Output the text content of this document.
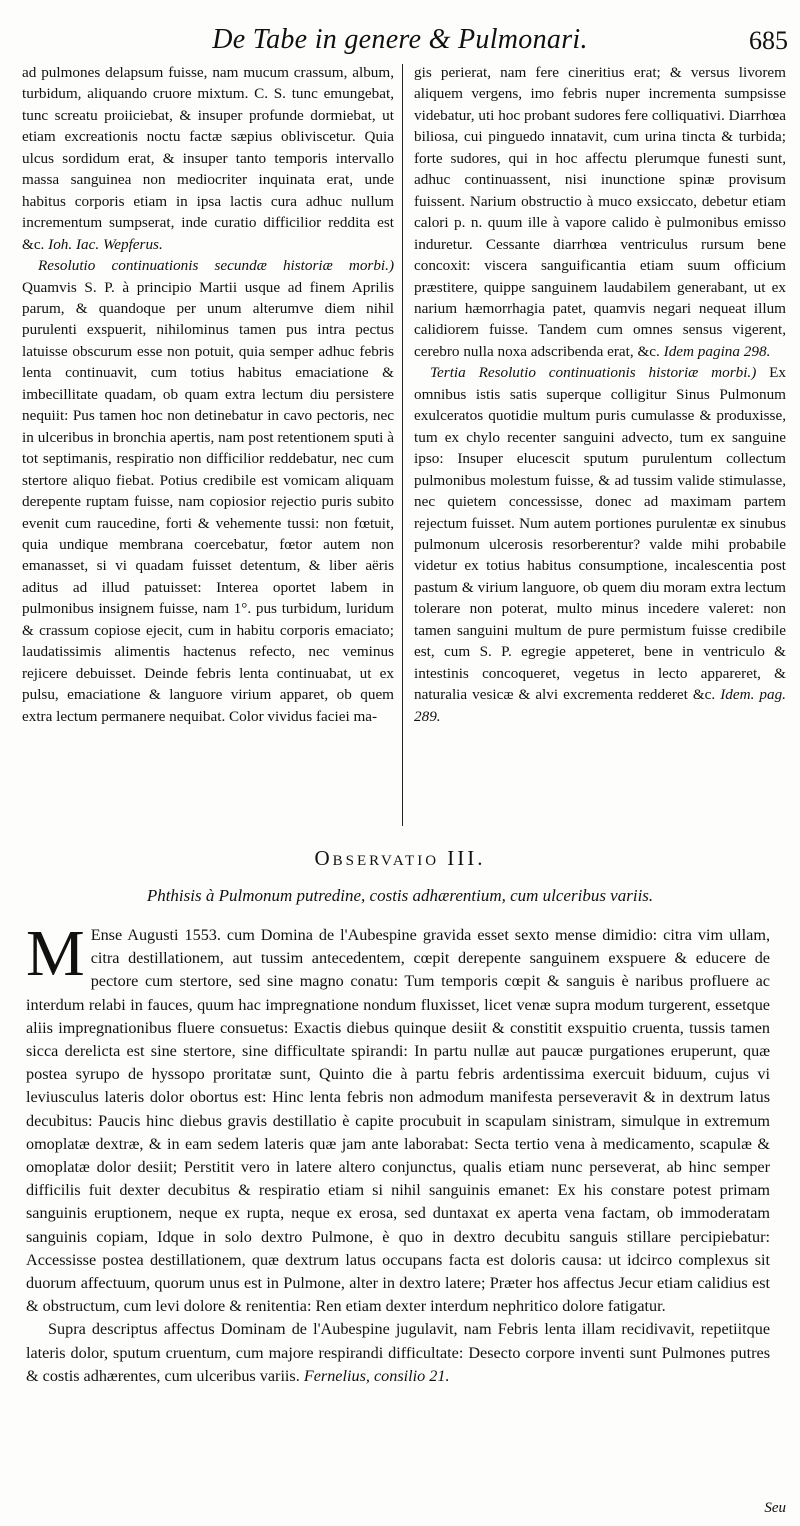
De Tabe in genere & Pulmonari.	685

ad pulmones delapsum fuisse, nam mucum crassum, album, turbidum, aliquando cruore mixtum. C. S. tunc emungebat, tunc screatu proiiciebat, & insuper profunde dormiebat, ut etiam excreationis noctu factæ sæpius obliviscetur. Quia ulcus sordidum erat, & insuper tanto temporis intervallo massa sanguinea non mediocriter inquinata erat, unde habitus corporis etiam in ipsa lactis cura adhuc nullum incrementum sumpserat, inde curatio difficilior reddita est &c. Ioh. Iac. Wepferus.

Resolutio continuationis secundæ historiæ morbi.) Quamvis S. P. à principio Martii usque ad finem Aprilis parum, & quandoque per unum alterumve diem nihil purulenti exspuerit, nihilominus tamen pus intra pectus latuisse obscurum esse non potuit, quia semper adhuc febris lenta continuavit, cum totius habitus emaciatione & imbecillitate quadam, ob quam extra lectum diu persistere nequiit: Pus tamen hoc non detinebatur in cavo pectoris, nec in ulceribus in bronchia apertis, nam post retentionem sputi à tot septimanis, respiratio non difficilior reddebatur, nec cum stertore aliquo fiebat. Potius credibile est vomicam aliquam derepente ruptam fuisse, nam copiosior rejectio puris subito evenit cum raucedine, forti & vehemente tussi: non fœtuit, quia undique membrana coercebatur, fœtor autem non emanasset, si vi quadam fuisset detentum, & liber aëris aditus ad illud patuisset: Interea oportet labem in pulmonibus insignem fuisse, nam 1°. pus turbidum, luridum & crassum copiose ejecit, cum in habitu corporis emaciato; laudatissimis alimentis hactenus refecto, nec veminus rejicere debuisset. Deinde febris lenta continuabat, ut ex pulsu, emaciatione & languore virium apparet, ob quem extra lectum permanere nequibat. Color vividus faciei ma-

gis perierat, nam fere cineritius erat; & versus livorem aliquem vergens, imo febris nuper incrementa sumpsisse videbatur, uti hoc probant sudores fere colliquativi. Diarrhœa biliosa, cui pinguedo innatavit, cum urina tincta & turbida; forte sudores, qui in hoc affectu plerumque funesti sunt, adhuc continuassent, nisi inunctione spinæ provisum fuissent. Narium obstructio à muco exsiccato, debetur etiam calori p. n. quum ille à vapore calido è pulmonibus emisso induretur. Cessante diarrhœa ventriculus rursum bene concoxit: viscera sanguificantia etiam suum officium præstitere, quippe sanguinem laudabilem generabant, ut ex narium hæmorrhagia patet, quamvis negari nequeat illum calidiorem fuisse. Tandem cum omnes sensus vigerent, cerebro nulla noxa adscribenda erat, &c. Idem pagina 298.

Tertia Resolutio continuationis historiæ morbi.) Ex omnibus istis satis superque colligitur Sinus Pulmonum exulceratos quotidie multum puris cumulasse & produxisse, tum ex chylo recenter sanguini advecto, tum ex sanguine ipso: Insuper elucescit sputum purulentum collectum pulmonibus molestum fuisse, & ad tussim valide stimulasse, nec quietem concessisse, donec ad maximam partem rejectum fuisset. Num autem portiones purulentæ ex sinubus pulmonum ulcerosis resorberentur? valde mihi probabile videtur ex totius habitus consumptione, incalescentia post pastum & virium languore, ob quem diu moram extra lectum tolerare non poterat, multo minus incedere valeret: non tamen sanguini multum de pure permistum fuisse credibile est, cum S. P. egregie appeteret, bene in ventriculo & intestinis concoqueret, vegetus in lecto appareret, & naturalia vesicæ & alvi excrementa redderet &c. Idem. pag. 289.

Observatio III.
Phthisis à Pulmonum putredine, costis adhærentium, cum ulceribus variis.

M Ense Augusti 1553. cum Domina de l'Aubespine gravida esset sexto mense dimidio: citra vim ullam, citra destillationem, aut tussim antecedentem, cœpit derepente sanguinem exspuere & educere de pectore cum stertore, sed sine magno conatu: Tum temporis cœpit & sanguis è naribus profluere ac interdum relabi in fauces, quum hac impregnatione nondum fluxisset, licet venæ supra modum turgerent, essetque aliis impregnationibus fluere consuetus: Exactis diebus quinque desiit & constitit exspuitio cruenta, tussis tamen sicca derelicta est sine stertore, sine difficultate spirandi: In partu nullæ aut paucæ purgationes eruperunt, quæ postea syrupo de hyssopo proritatæ sunt, Quinto die à partu febris ardentissima exercuit biduum, cujus vi leviusculus lateris dolor obortus est: Hinc lenta febris non admodum manifesta perseveravit & in dextrum latus decubitus: Paucis hinc diebus gravis destillatio è capite procubuit in scapulam sinistram, simulque in extremum omoplatæ dextræ, & in eam sedem lateris quæ jam ante laborabat: Secta tertio vena à medicamento, scapulæ & omoplatæ dolor desiit; Perstitit vero in latere altero conjunctus, qualis etiam nunc perseverat, ab hinc semper difficilis fuit dexter decubitus & respiratio etiam si nihil sanguinis emanet: Ex his constare potest primam sanguinis eruptionem, neque ex rupta, neque ex erosa, sed duntaxat ex aperta vena factam, ob immoderatam sanguinis copiam, Idque in solo dextro Pulmone, è quo in dextro decubitu sanguis stillare percipiebatur: Accessisse postea destillationem, quæ dextrum latus occupans facta est doloris causa: ut idcirco complexus sit duorum affectuum, quorum unus est in Pulmone, alter in dextro latere; Præter hos affectus Jecur etiam calidius est & obstructum, cum levi dolore & renitentia: Ren etiam dexter interdum nephritico dolore fatigatur.

Supra descriptus affectus Dominam de l'Aubespine jugulavit, nam Febris lenta illam recidivavit, repetiitque lateris dolor, sputum cruentum, cum majore respirandi difficultate: Desecto corpore inventi sunt Pulmones putres & costis adhærentes, cum ulceribus variis. Fernelius, consilio 21.

Seu
